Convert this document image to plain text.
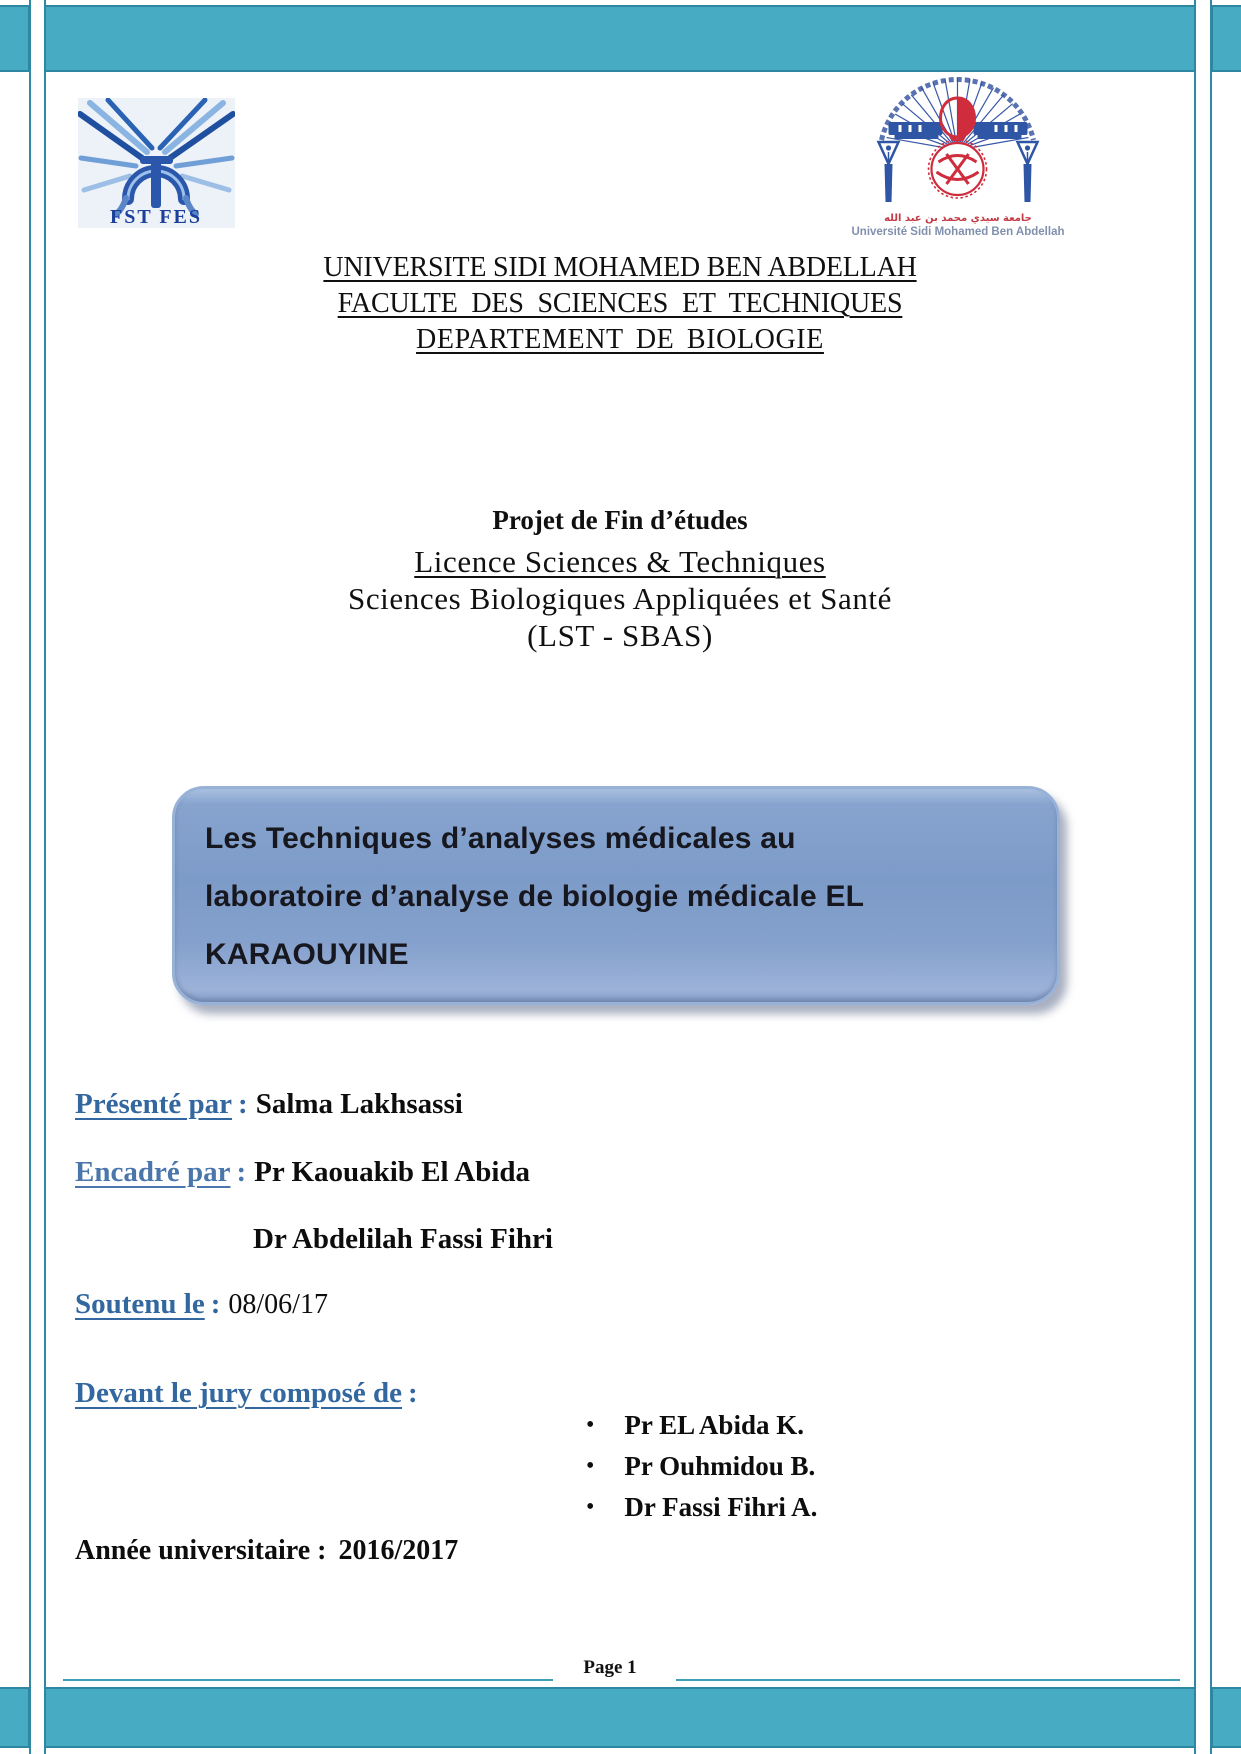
FST FES	جامعة سيدي محمد بن عبد الله
Université Sidi Mohamed Ben Abdellah
UNIVERSITE SIDI MOHAMED BEN ABDELLAH
FACULTE DES SCIENCES ET TECHNIQUES
DEPARTEMENT DE BIOLOGIE
Projet de Fin d’études
Licence Sciences & Techniques
Sciences Biologiques Appliquées et Santé
(LST - SBAS)
Les Techniques d’analyses médicales au
laboratoire d’analyse de biologie médicale EL
KARAOUYINE
Présenté par : Salma Lakhsassi
Encadré par : Pr Kaouakib El Abida
Dr Abdelilah Fassi Fihri
Soutenu le : 08/06/17
Devant le jury composé de :
• Pr EL Abida K.
• Pr Ouhmidou B.
• Dr Fassi Fihri A.
Année universitaire : 2016/2017
Page 1
